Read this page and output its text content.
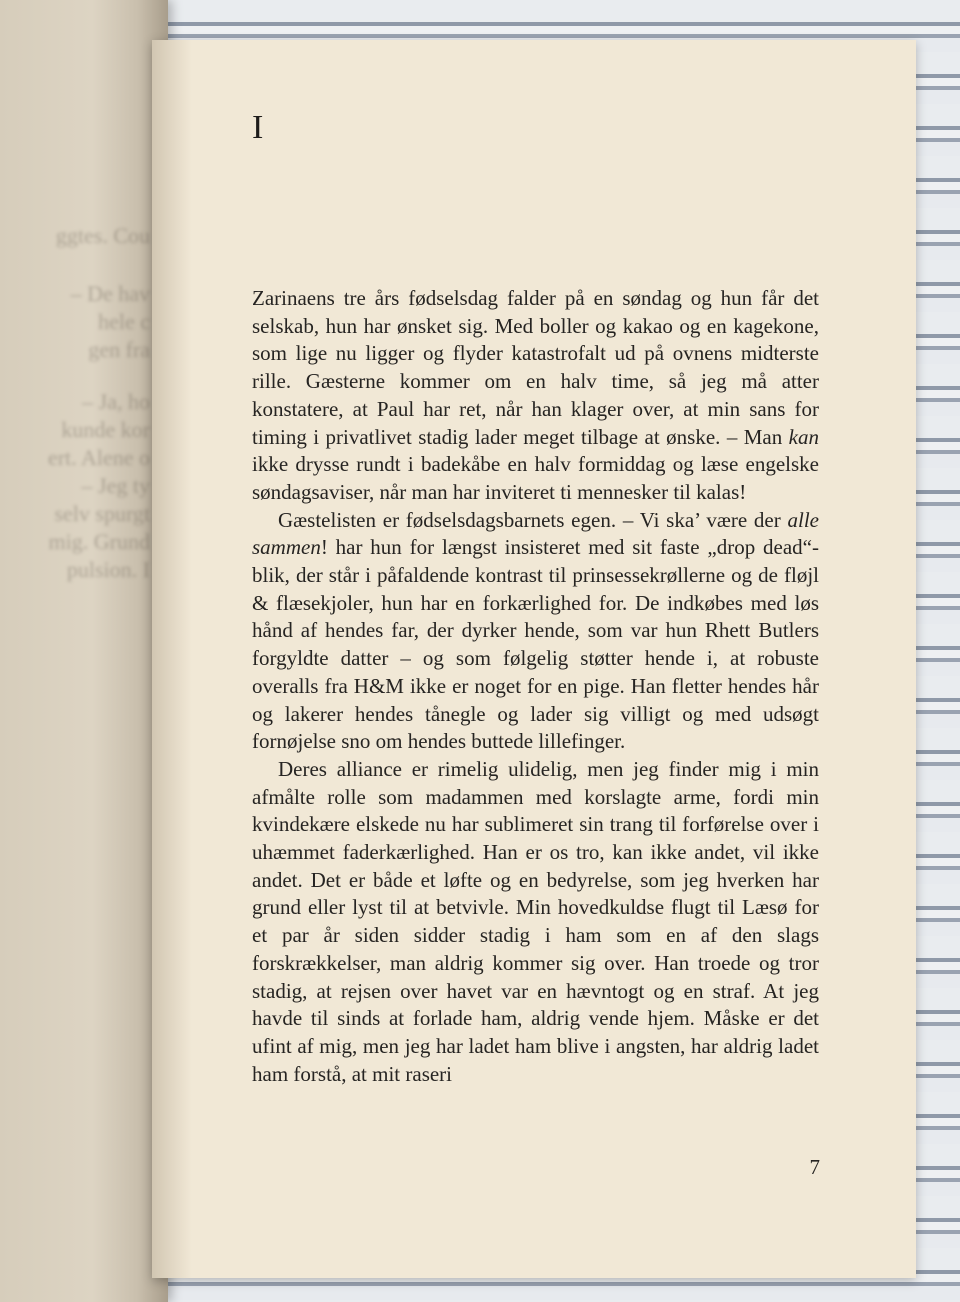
ggtes. Cou
– De hav
hele c
gen fra
– Ja, ho
kunde kor
ert. Alene o
– Jeg ty
selv spurgt
mig. Grund
pulsion. I
I

Zarinaens tre års fødselsdag falder på en søndag og hun får det selskab, hun har ønsket sig. Med boller og kakao og en kagekone, som lige nu ligger og flyder katastrofalt ud på ovnens midterste rille. Gæsterne kommer om en halv time, så jeg må atter konstatere, at Paul har ret, når han klager over, at min sans for timing i privatlivet stadig lader meget tilbage at ønske. – Man kan ikke drysse rundt i badekåbe en halv formiddag og læse engelske søndagsaviser, når man har inviteret ti mennesker til kalas!

Gæstelisten er fødselsdagsbarnets egen. – Vi ska’ være der alle sammen! har hun for længst insisteret med sit faste „drop dead“-blik, der står i påfaldende kontrast til prinsessekrøllerne og de fløjl & flæsekjoler, hun har en forkærlighed for. De indkøbes med løs hånd af hendes far, der dyrker hende, som var hun Rhett Butlers forgyldte datter – og som følgelig støtter hende i, at robuste overalls fra H&M ikke er noget for en pige. Han fletter hendes hår og lakerer hendes tånegle og lader sig villigt og med udsøgt fornøjelse sno om hendes buttede lillefinger.

Deres alliance er rimelig ulidelig, men jeg finder mig i min afmålte rolle som madammen med korslagte arme, fordi min kvindekære elskede nu har sublimeret sin trang til forførelse over i uhæmmet faderkærlighed. Han er os tro, kan ikke andet, vil ikke andet. Det er både et løfte og en bedyrelse, som jeg hverken har grund eller lyst til at betvivle. Min hovedkuldse flugt til Læsø for et par år siden sidder stadig i ham som en af den slags forskrækkelser, man aldrig kommer sig over. Han troede og tror stadig, at rejsen over havet var en hævntogt og en straf. At jeg havde til sinds at forlade ham, aldrig vende hjem. Måske er det ufint af mig, men jeg har ladet ham blive i angsten, har aldrig ladet ham forstå, at mit raseri

7
